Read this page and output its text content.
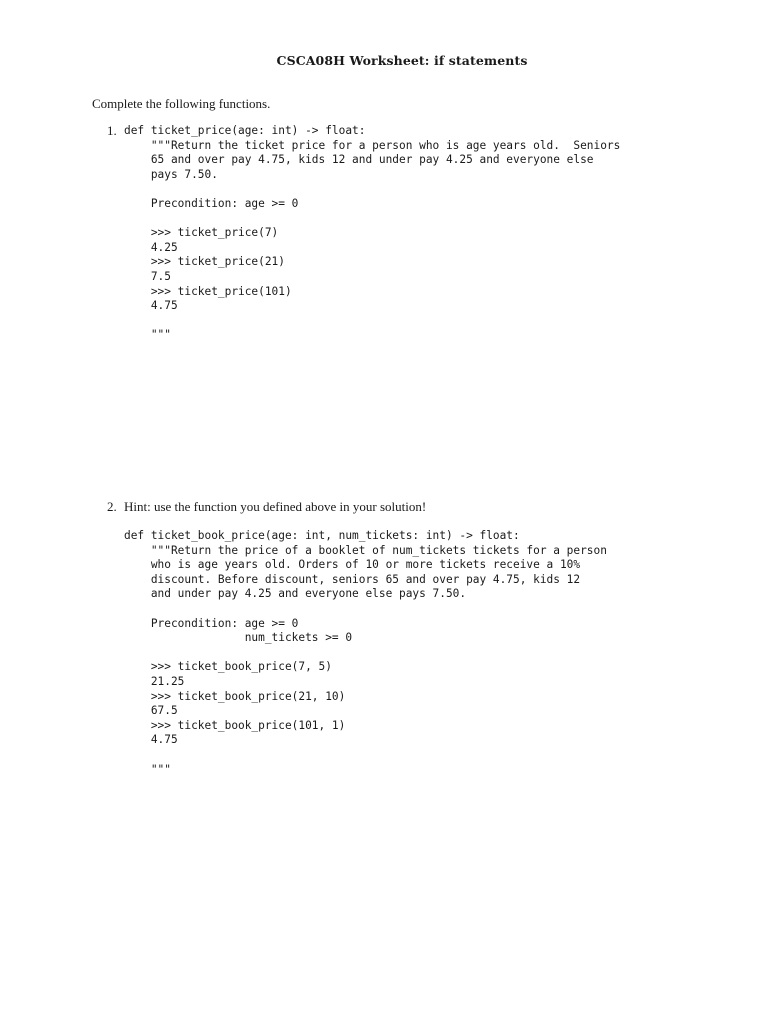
CSCA08H Worksheet: if statements
Complete the following functions.
1. def ticket_price(age: int) -> float:
"""Return the ticket price for a person who is age years old.  Seniors
65 and over pay 4.75, kids 12 and under pay 4.25 and everyone else
pays 7.50.

Precondition: age >= 0

>>> ticket_price(7)
4.25
>>> ticket_price(21)
7.5
>>> ticket_price(101)
4.75

"""
2. Hint: use the function you defined above in your solution!
def ticket_book_price(age: int, num_tickets: int) -> float:
"""Return the price of a booklet of num_tickets tickets for a person
who is age years old. Orders of 10 or more tickets receive a 10%
discount. Before discount, seniors 65 and over pay 4.75, kids 12
and under pay 4.25 and everyone else pays 7.50.

Precondition: age >= 0
num_tickets >= 0

>>> ticket_book_price(7, 5)
21.25
>>> ticket_book_price(21, 10)
67.5
>>> ticket_book_price(101, 1)
4.75

"""
